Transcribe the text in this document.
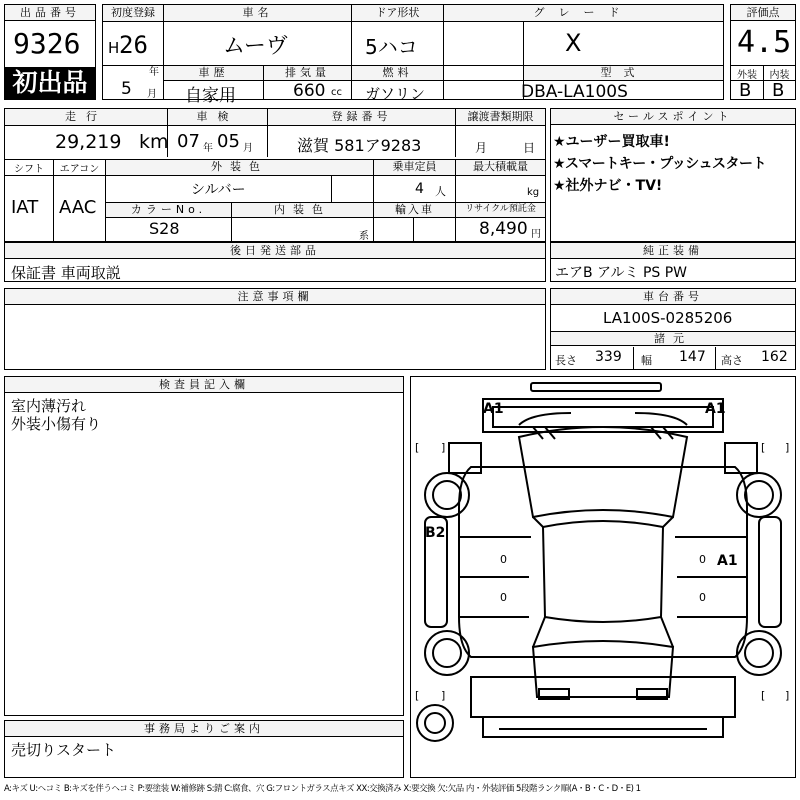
出品番号
9326
初出品
初度登録
H 26
年
5 月
車名
ムーヴ
ドア形状
5ハコ
グレード
X
車歴
自家用
排気量
660 cc
燃料
ガソリン
型式
DBA-LA100S
評価点
4.5
外装	内装
B B
走行
29,219 km
車検
07 年 05 月
登録番号
滋賀 581ア9283
譲渡書類期限
月	日
シフト
IAT
エアコン
AAC
外装色
シルバー
乗車定員
4 人
最大積載量
kg
カラーNo.
S28
内装色
系
輸入車	リサイクル預託金
8,490 円
後日発送部品
保証書 車両取説
セールスポイント
★ユーザー買取車!
★スマートキー・プッシュスタート
★社外ナビ・TV!
純正装備
エアB アルミ PS PW
注意事項欄	車台番号
LA100S-0285206
諸元
長さ 339 幅 147 高さ 162
検査員記入欄
室内薄汚れ
外装小傷有り
事務局よりご案内
売切りスタート
[ ]	[ ]
[ ]	[ ]
0	0
0	0
A1	A1
B2
A1
A:キズ U:ヘコミ B:キズを伴うヘコミ P:要塗装 W:補修跡 S:錆 C:腐食、穴 G:フロントガラス点キズ XX:交換済み X:要交換 欠:欠品 内・外装評価 5段階ランク順(A・B・C・D・E) 1
